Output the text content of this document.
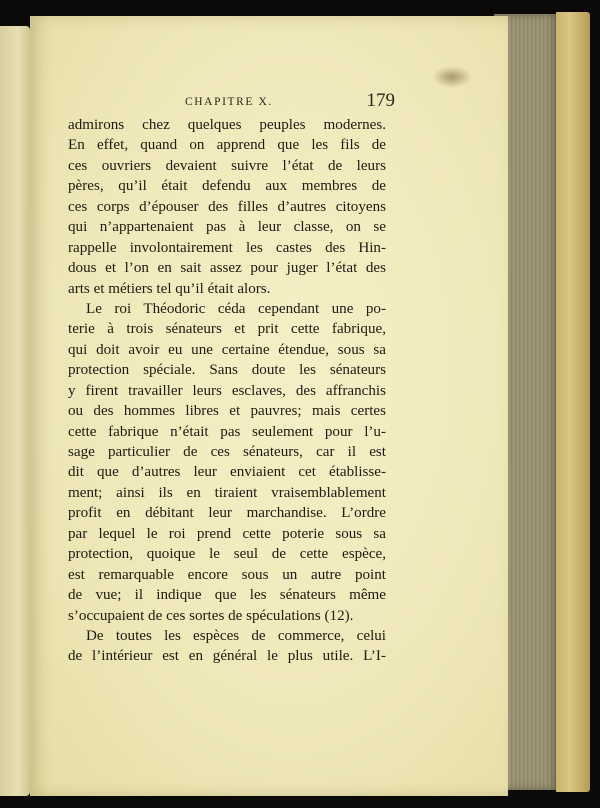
CHAPITRE X.	179
admirons chez quelques peuples modernes.
En effet, quand on apprend que les fils de
ces ouvriers devaient suivre l’état de leurs
pères, qu’il était defendu aux membres de
ces corps d’épouser des filles d’autres citoyens
qui n’appartenaient pas à leur classe, on se
rappelle involontairement les castes des Hin-
dous et l’on en sait assez pour juger l’état des
arts et métiers tel qu’il était alors.
Le roi Théodoric céda cependant une po-
terie à trois sénateurs et prit cette fabrique,
qui doit avoir eu une certaine étendue, sous sa
protection spéciale. Sans doute les sénateurs
y firent travailler leurs esclaves, des affranchis
ou des hommes libres et pauvres; mais certes
cette fabrique n’était pas seulement pour l’u-
sage particulier de ces sénateurs, car il est
dit que d’autres leur enviaient cet établisse-
ment; ainsi ils en tiraient vraisemblablement
profit en débitant leur marchandise. L’ordre
par lequel le roi prend cette poterie sous sa
protection, quoique le seul de cette espèce,
est remarquable encore sous un autre point
de vue; il indique que les sénateurs même
s’occupaient de ces sortes de spéculations (12).
De toutes les espèces de commerce, celui
de l’intérieur est en général le plus utile. L’I-
